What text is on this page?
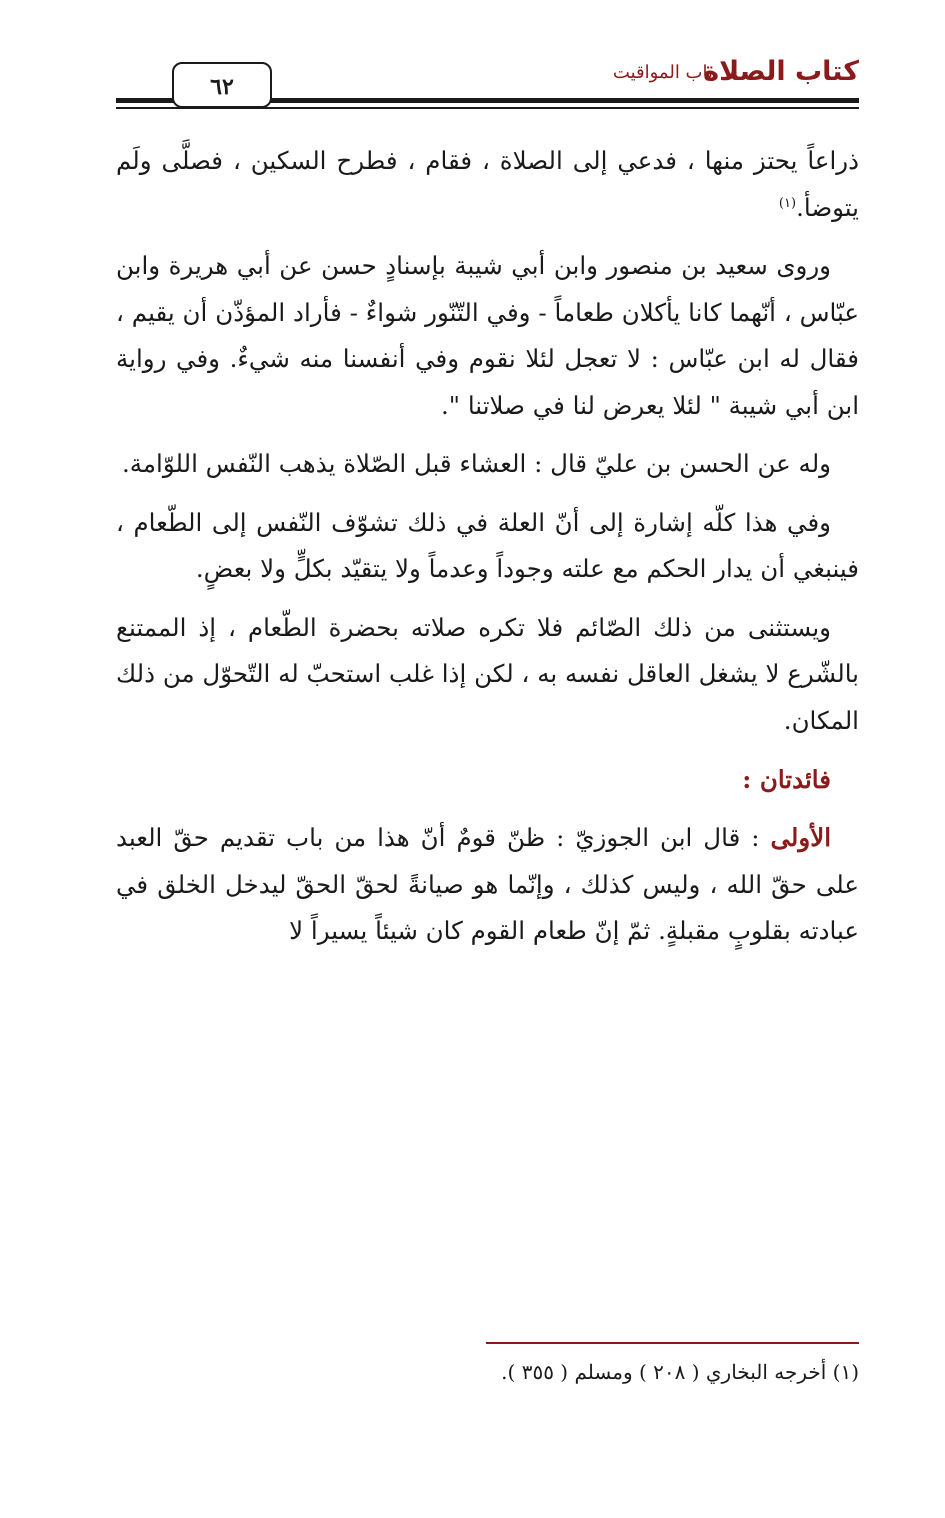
كتاب الصلاة
باب المواقيت
٦٢

ذراعاً يحتز منها ، فدعي إلى الصلاة ، فقام ، فطرح السكين ، فصلَّى ولَم يتوضأ.$^{(١)}$

وروى سعيد بن منصور وابن أبي شيبة بإسنادٍ حسن عن أبي هريرة وابن عبّاس ، أنّهما كانا يأكلان طعاماً - وفي التّنّور شواءٌ - فأراد المؤذّن أن يقيم ، فقال له ابن عبّاس : لا تعجل لئلا نقوم وفي أنفسنا منه شيءٌ. وفي رواية ابن أبي شيبة " لئلا يعرض لنا في صلاتنا ".

وله عن الحسن بن عليّ قال : العشاء قبل الصّلاة يذهب النّفس اللوّامة.

وفي هذا كلّه إشارة إلى أنّ العلة في ذلك تشوّف النّفس إلى الطّعام ، فينبغي أن يدار الحكم مع علته وجوداً وعدماً ولا يتقيّد بكلٍّ ولا بعضٍ.

ويستثنى من ذلك الصّائم فلا تكره صلاته بحضرة الطّعام ، إذ الممتنع بالشّرع لا يشغل العاقل نفسه به ، لكن إذا غلب استحبّ له التّحوّل من ذلك المكان.

فائدتان :

الأولى : قال ابن الجوزيّ : ظنّ قومٌ أنّ هذا من باب تقديم حقّ العبد على حقّ الله ، وليس كذلك ، وإنّما هو صيانةً لحقّ الحقّ ليدخل الخلق في عبادته بقلوبٍ مقبلةٍ. ثمّ إنّ طعام القوم كان شيئاً يسيراً لا

(١) أخرجه البخاري ( ٢٠٨ ) ومسلم ( ٣٥٥ ).
